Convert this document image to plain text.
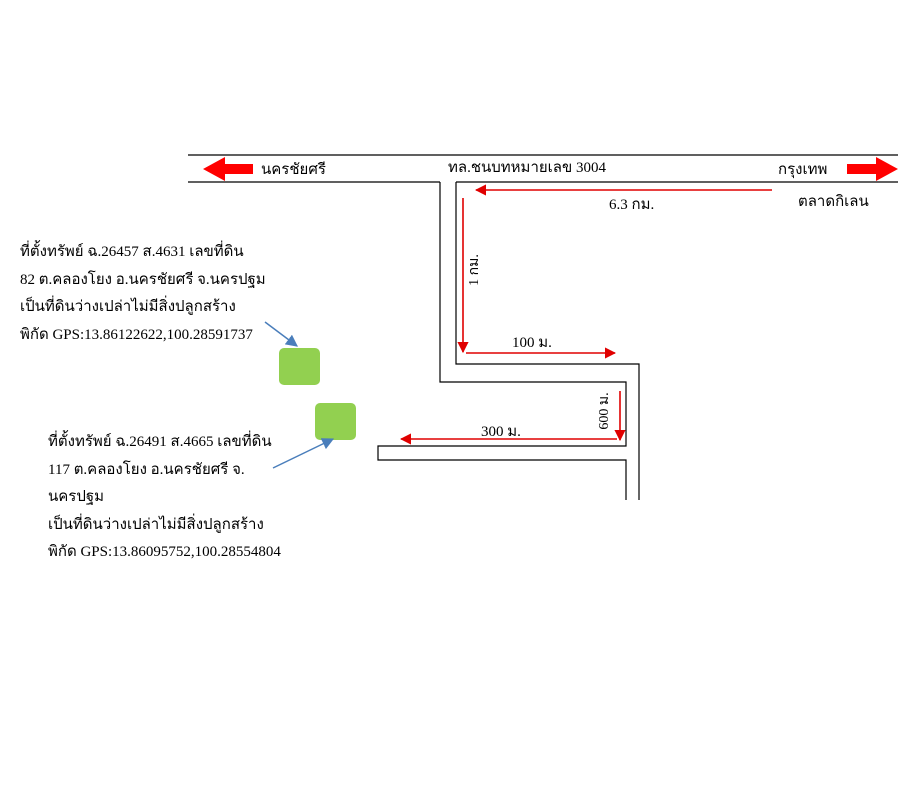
นครชัยศรี	ทล.ชนบทหมายเลข 3004	กรุงเทพ
ตลาดกิเลน
6.3 กม.
1 กม.
100 ม.
600 ม.
300 ม.
ที่ตั้งทรัพย์ ฉ.26457 ส.4631 เลขที่ดิน
82 ต.คลองโยง อ.นครชัยศรี จ.นครปฐม
เป็นที่ดินว่างเปล่าไม่มีสิ่งปลูกสร้าง
พิกัด GPS:13.86122622,100.28591737
ที่ตั้งทรัพย์ ฉ.26491 ส.4665 เลขที่ดิน
117 ต.คลองโยง อ.นครชัยศรี จ.
นครปฐม
เป็นที่ดินว่างเปล่าไม่มีสิ่งปลูกสร้าง
พิกัด GPS:13.86095752,100.28554804
